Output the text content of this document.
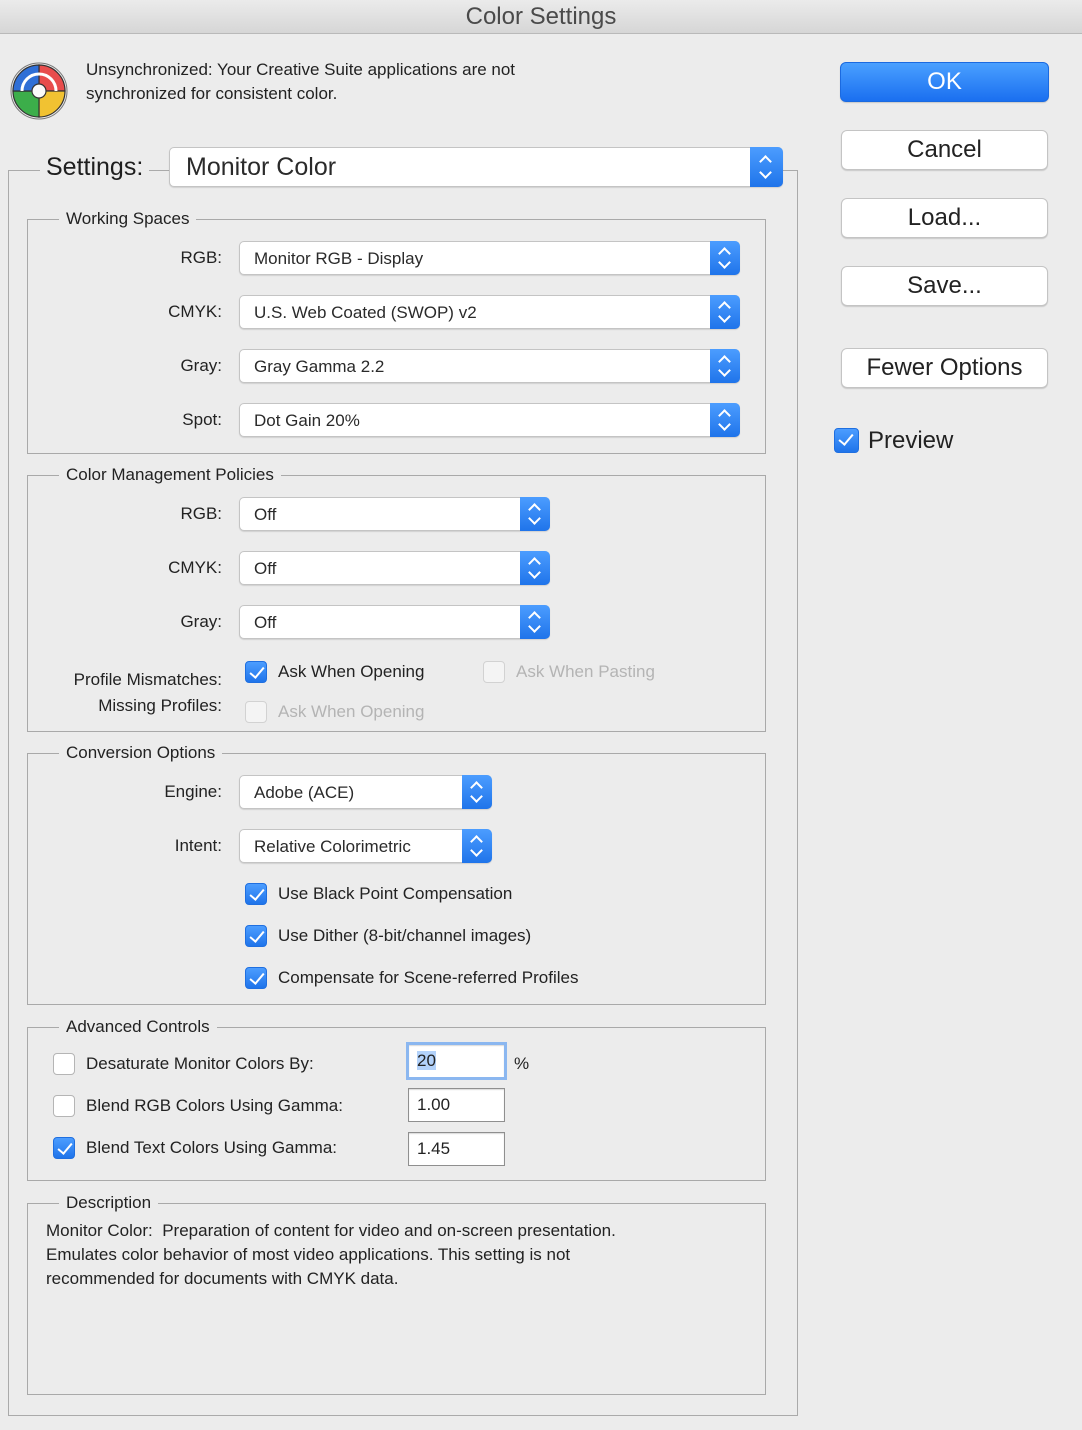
Color Settings
Unsynchronized: Your Creative Suite applications are not
synchronized for consistent color.
Settings: Monitor Color
Working Spaces
RGB: Monitor RGB - Display
CMYK: U.S. Web Coated (SWOP) v2
Gray: Gray Gamma 2.2
Spot: Dot Gain 20%
Color Management Policies
RGB: Off
CMYK: Off
Gray: Off
Profile Mismatches:	Ask When Opening	Ask When Pasting
Missing Profiles:	Ask When Opening
Conversion Options
Engine: Adobe (ACE)
Intent: Relative Colorimetric
Use Black Point Compensation
Use Dither (8-bit/channel images)
Compensate for Scene-referred Profiles
Advanced Controls
Desaturate Monitor Colors By:	20	%
Blend RGB Colors Using Gamma:	1.00
Blend Text Colors Using Gamma:	1.45
Description
Monitor Color:  Preparation of content for video and on-screen presentation.
Emulates color behavior of most video applications. This setting is not
recommended for documents with CMYK data.
OK
Cancel
Load...
Save...
Fewer Options
Preview
